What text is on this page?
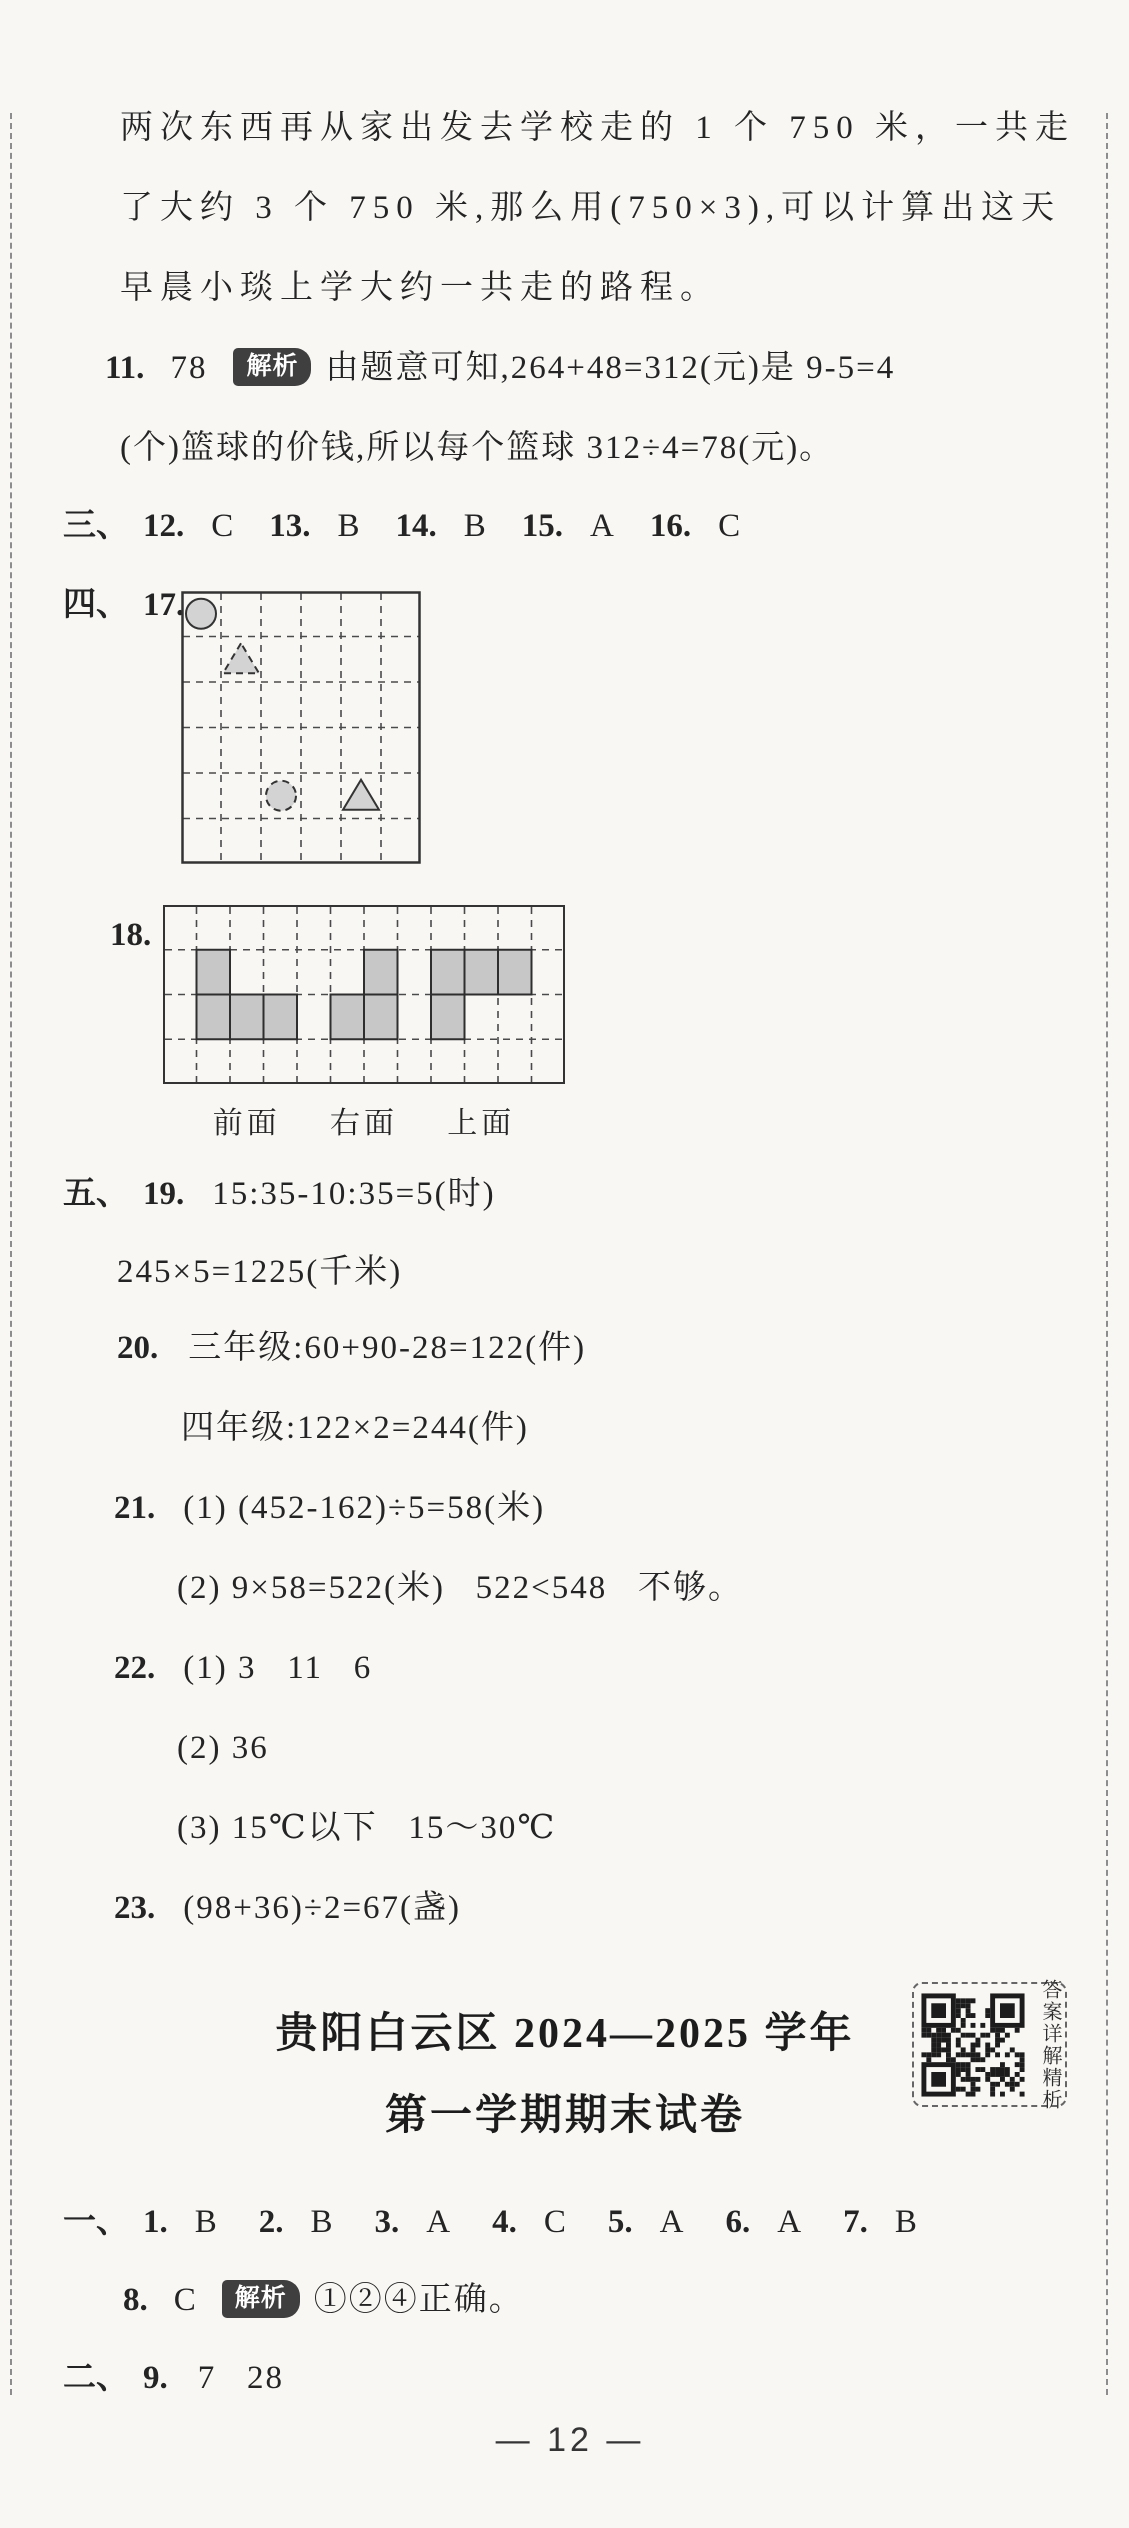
两次东西再从家出发去学校走的 1 个 750 米，一共走
了大约 3 个 750 米,那么用(750×3),可以计算出这天
早晨小琰上学大约一共走的路程。
11. 78	解析 由题意可知,264+48=312(元)是 9-5=4
(个)篮球的价钱,所以每个篮球 312÷4=78(元)。
三、 12. C 13. B 14. B 15. A 16. C
四、 17.
18.
前面 右面 上面
五、 19. 15:35-10:35=5(时)
245×5=1225(千米)
20. 三年级:60+90-28=122(件)
四年级:122×2=244(件)
21. (1) (452-162)÷5=58(米)
(2) 9×58=522(米)   522<548   不够。
22. (1) 3   11   6
(2) 36
(3) 15℃以下   15～30℃
23. (98+36)÷2=67(盏)
贵阳白云区 2024—2025 学年
第一学期期末试卷
答案详解精析
一、 1. B 2. B 3. A 4. C 5. A 6. A 7. B
8. C	解析 ①②④正确。
二、 9. 7   28
— 12 —
